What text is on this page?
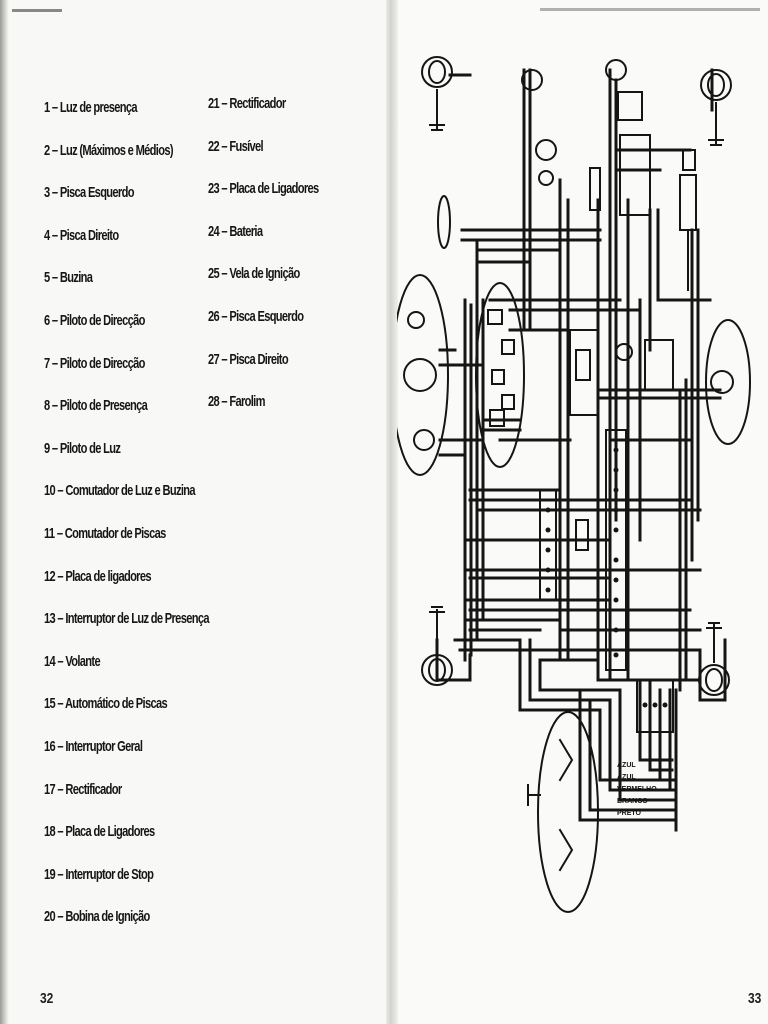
1 – Luz de presença
2 – Luz (Máximos e Médios)
3 – Pisca Esquerdo
4 – Pisca Direito
5 – Buzina
6 – Piloto de Direcção
7 – Piloto de Direcção
8 – Piloto de Presença
9 – Piloto de Luz
10 – Comutador de Luz e Buzina
11 – Comutador de Piscas
12 – Placa de ligadores
13 – Interruptor de Luz de Presença
14 – Volante
15 – Automático de Piscas
16 – Interruptor Geral
17 – Rectificador
18 – Placa de Ligadores
19 – Interruptor de Stop
20 – Bobina de Ignição
21 – Rectificador
22 – Fusível
23 – Placa de Ligadores
24 – Bateria
25 – Vela de Ignição
26 – Pisca Esquerdo
27 – Pisca Direito
28 – Farolim
32	33
AZUL
AZUL
VERMELHO
BRANCO
PRETO
